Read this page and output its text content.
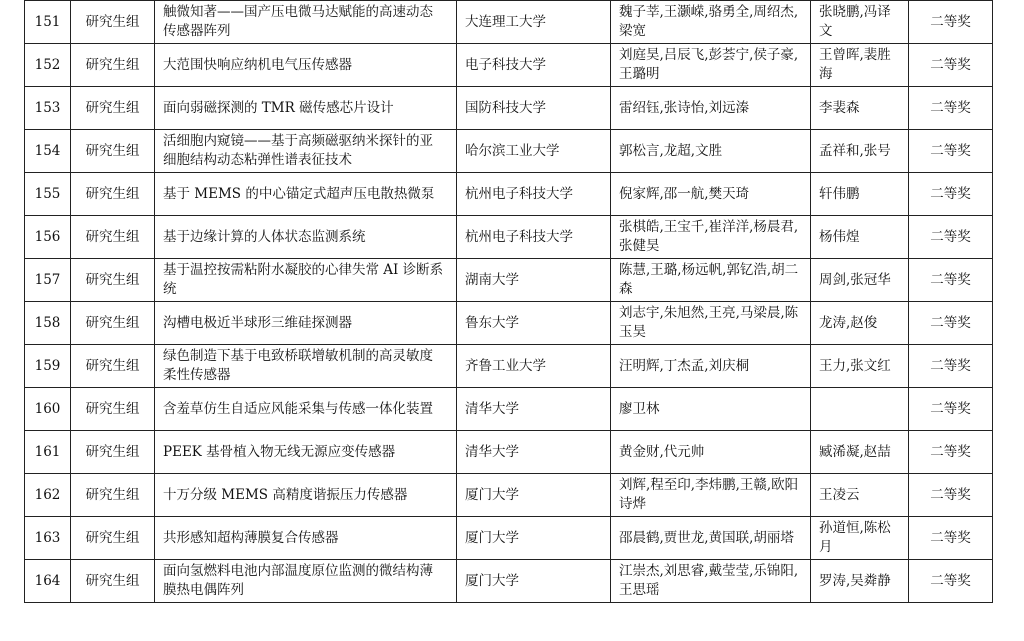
151	研究生组	触微知著——国产压电微马达赋能的高速动态传感器阵列	大连理工大学	魏子莘,王灏嵘,骆勇全,周绍杰,梁宽	张晓鹏,冯译文	二等奖
152	研究生组	大范围快响应纳机电气压传感器	电子科技大学	刘庭昊,吕辰飞,彭荟宁,侯子豪,王璐明	王曾晖,裴胜海	二等奖
153	研究生组	面向弱磁探测的 TMR 磁传感芯片设计	国防科技大学	雷绍钰,张诗怡,刘远溱	李裴森	二等奖
154	研究生组	活细胞内窥镜——基于高频磁驱纳米探针的亚细胞结构动态粘弹性谱表征技术	哈尔滨工业大学	郭松言,龙超,文胜	孟祥和,张号	二等奖
155	研究生组	基于 MEMS 的中心锚定式超声压电散热微泵	杭州电子科技大学	倪家辉,邵一航,樊天琦	轩伟鹏	二等奖
156	研究生组	基于边缘计算的人体状态监测系统	杭州电子科技大学	张棋皓,王宝千,崔洋洋,杨晨君,张健昊	杨伟煌	二等奖
157	研究生组	基于温控按需粘附水凝胶的心律失常 AI 诊断系统	湖南大学	陈慧,王璐,杨远帆,郭钇浩,胡二森	周剑,张冠华	二等奖
158	研究生组	沟槽电极近半球形三维硅探测器	鲁东大学	刘志宇,朱旭然,王亮,马梁晨,陈玉昊	龙涛,赵俊	二等奖
159	研究生组	绿色制造下基于电致桥联增敏机制的高灵敏度柔性传感器	齐鲁工业大学	汪明辉,丁杰孟,刘庆桐	王力,张文红	二等奖
160	研究生组	含羞草仿生自适应风能采集与传感一体化装置	清华大学	廖卫林		二等奖
161	研究生组	PEEK 基骨植入物无线无源应变传感器	清华大学	黄金财,代元帅	臧浠凝,赵喆	二等奖
162	研究生组	十万分级 MEMS 高精度谐振压力传感器	厦门大学	刘辉,程至印,李炜鹏,王赣,欧阳诗烨	王凌云	二等奖
163	研究生组	共形感知超构薄膜复合传感器	厦门大学	邵晨鹤,贾世龙,黄国联,胡丽塔	孙道恒,陈松月	二等奖
164	研究生组	面向氢燃料电池内部温度原位监测的微结构薄膜热电偶阵列	厦门大学	江崇杰,刘思睿,戴莹莹,乐锦阳,王思瑶	罗涛,吴粦静	二等奖
